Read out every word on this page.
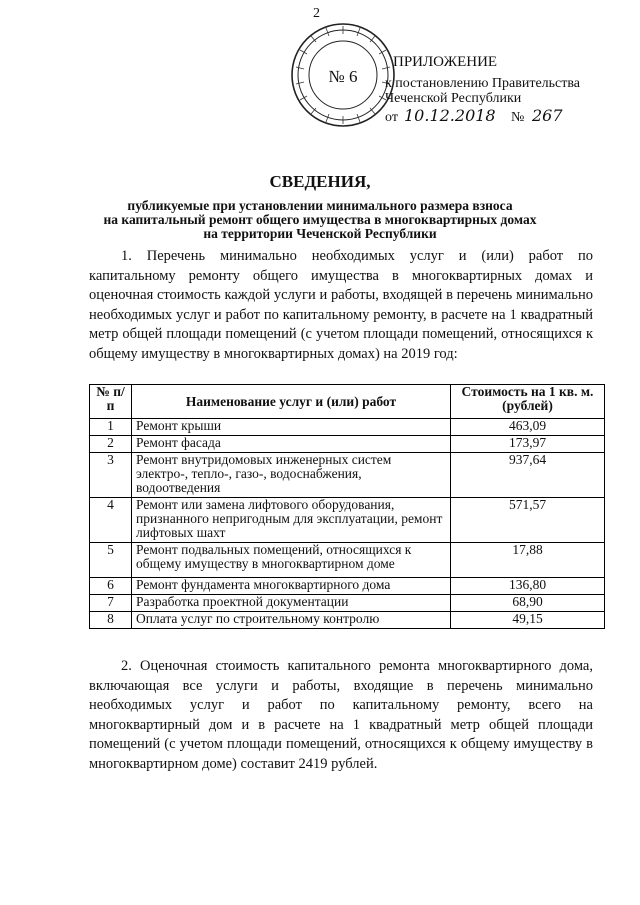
2
№ 6
ПРИЛОЖЕНИЕ
к постановлению Правительства
Чеченской Республики
от 10.12.2018 № 267
СВЕДЕНИЯ,
публикуемые при установлении минимального размера взноса
на капитальный ремонт общего имущества в многоквартирных домах
на территории Чеченской Республики
1. Перечень минимально необходимых услуг и (или) работ по капитальному ремонту общего имущества в многоквартирных домах и оценочная стоимость каждой услуги и работы, входящей в перечень минимально необходимых услуг и работ по капитальному ремонту, в расчете на 1 квадратный метр общей площади помещений (с учетом площади помещений, относящихся к общему имуществу в многоквартирных домах) на 2019 год:
№ п/п	Наименование услуг и (или) работ	Стоимость на 1 кв. м. (рублей)
1	Ремонт крыши	463,09
2	Ремонт фасада	173,97
3	Ремонт внутридомовых инженерных систем электро-, тепло-, газо-, водоснабжения, водоотведения	937,64
4	Ремонт или замена лифтового оборудования, признанного непригодным для эксплуатации, ремонт лифтовых шахт	571,57
5	Ремонт подвальных помещений, относящихся к общему имуществу в многоквартирном доме	17,88
6	Ремонт фундамента многоквартирного дома	136,80
7	Разработка проектной документации	68,90
8	Оплата услуг по строительному контролю	49,15
2. Оценочная стоимость капитального ремонта многоквартирного дома, включающая все услуги и работы, входящие в перечень минимально необходимых услуг и работ по капитальному ремонту, всего на многоквартирный дом и в расчете на 1 квадратный метр общей площади помещений (с учетом площади помещений, относящихся к общему имуществу в многоквартирном доме) составит 2419 рублей.
